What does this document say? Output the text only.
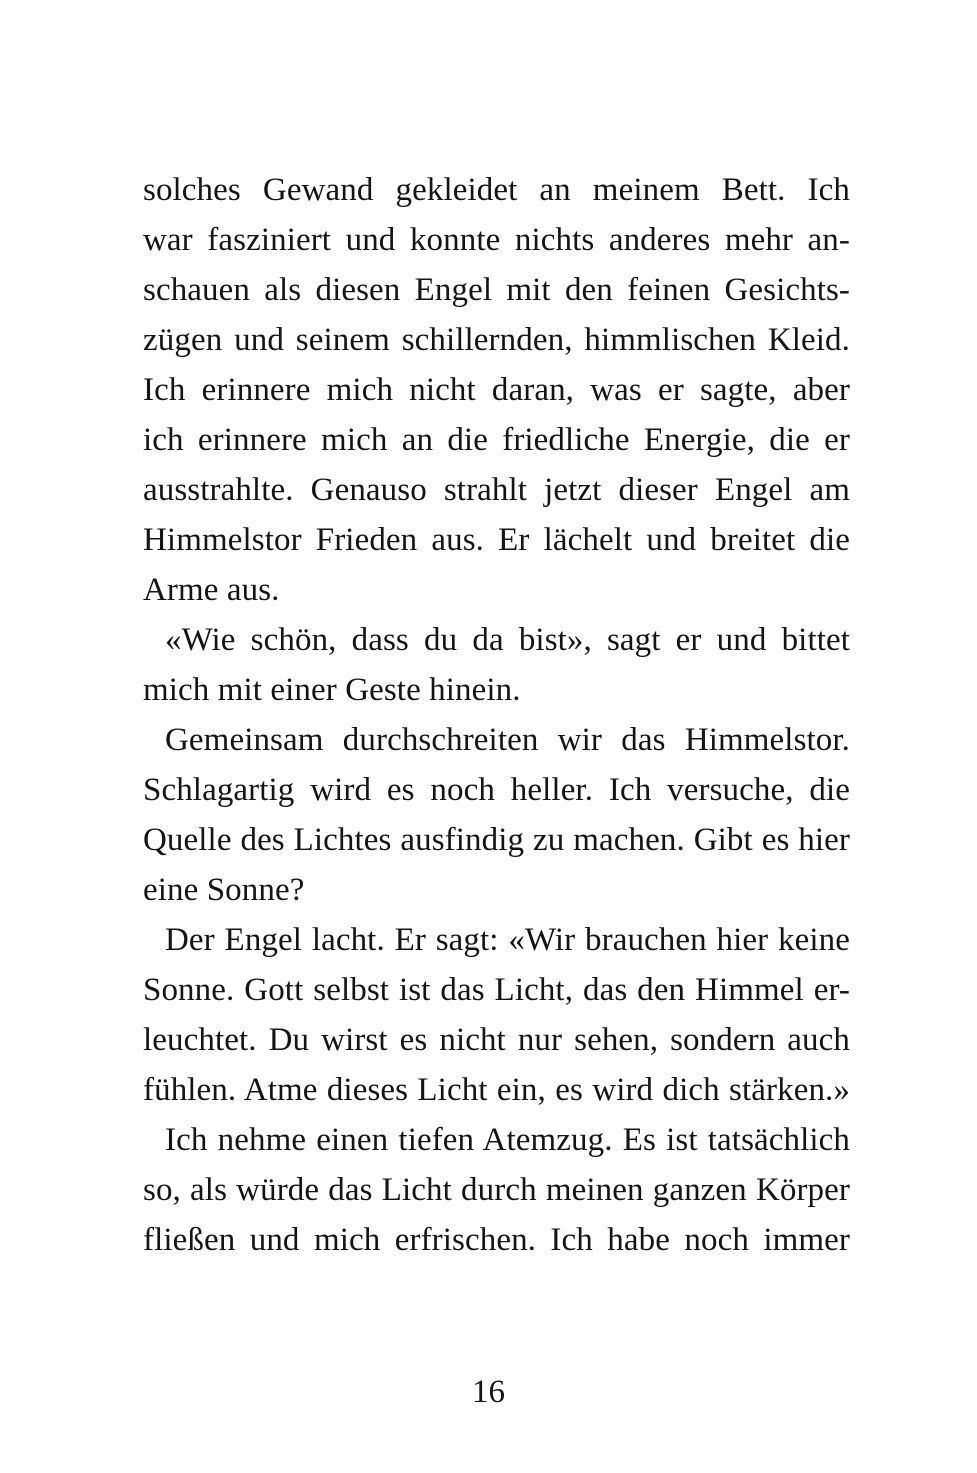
solches Gewand gekleidet an meinem Bett. Ich
war fasziniert und konnte nichts anderes mehr an-
schauen als diesen Engel mit den feinen Gesichts-
zügen und seinem schillernden, himmlischen Kleid.
Ich erinnere mich nicht daran, was er sagte, aber
ich erinnere mich an die friedliche Energie, die er
ausstrahlte. Genauso strahlt jetzt dieser Engel am
Himmelstor Frieden aus. Er lächelt und breitet die
Arme aus.
«Wie schön, dass du da bist», sagt er und bittet
mich mit einer Geste hinein.
Gemeinsam durchschreiten wir das Himmelstor.
Schlagartig wird es noch heller. Ich versuche, die
Quelle des Lichtes ausfindig zu machen. Gibt es hier
eine Sonne?
Der Engel lacht. Er sagt: «Wir brauchen hier keine
Sonne. Gott selbst ist das Licht, das den Himmel er-
leuchtet. Du wirst es nicht nur sehen, sondern auch
fühlen. Atme dieses Licht ein, es wird dich stärken.»
Ich nehme einen tiefen Atemzug. Es ist tatsächlich
so, als würde das Licht durch meinen ganzen Körper
fließen und mich erfrischen. Ich habe noch immer
16
